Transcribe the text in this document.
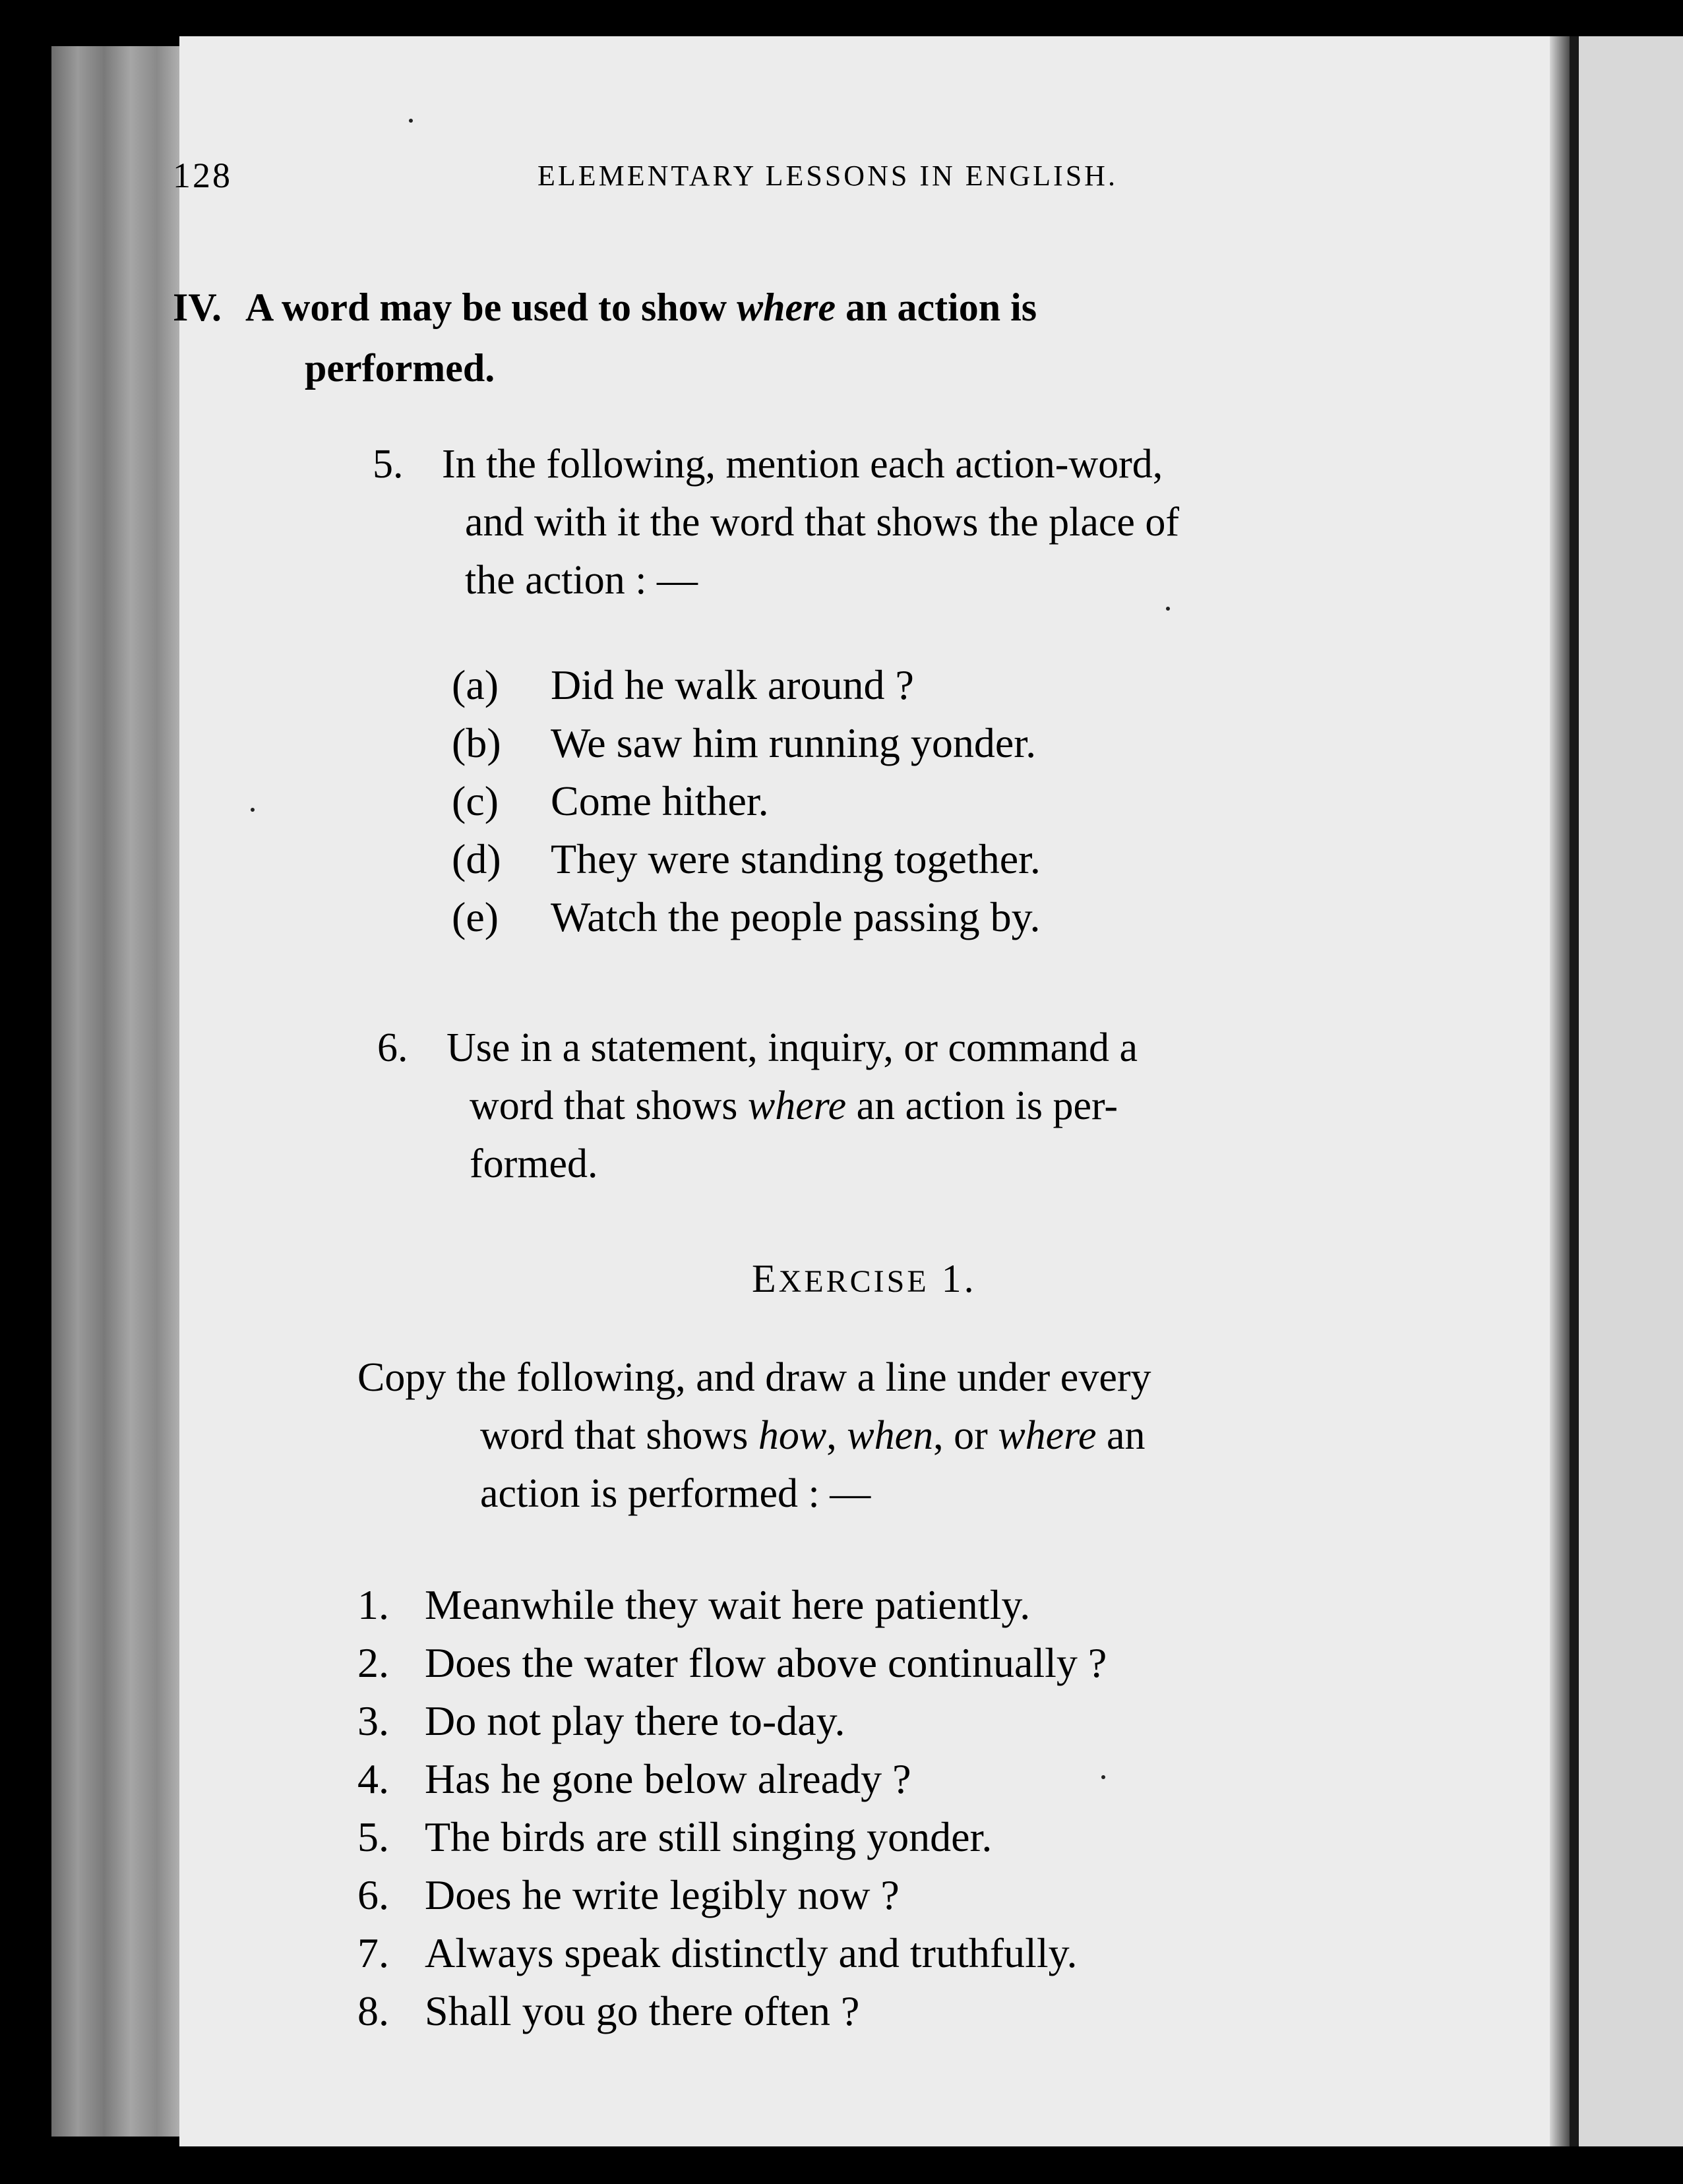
128	ELEMENTARY LESSONS IN ENGLISH.
IV. A word may be used to show where an action is
performed.
5. In the following, mention each action-word,
and with it the word that shows the place of
the action : —
(a) Did he walk around ?
(b) We saw him running yonder.
(c) Come hither.
(d) They were standing together.
(e) Watch the people passing by.
6. Use in a statement, inquiry, or command a
word that shows where an action is per-
formed.
EXERCISE 1.
Copy the following, and draw a line under every
word that shows how, when, or where an
action is performed : —
1. Meanwhile they wait here patiently.
2. Does the water flow above continually ?
3. Do not play there to-day.
4. Has he gone below already ?
5. The birds are still singing yonder.
6. Does he write legibly now ?
7. Always speak distinctly and truthfully.
8. Shall you go there often ?
